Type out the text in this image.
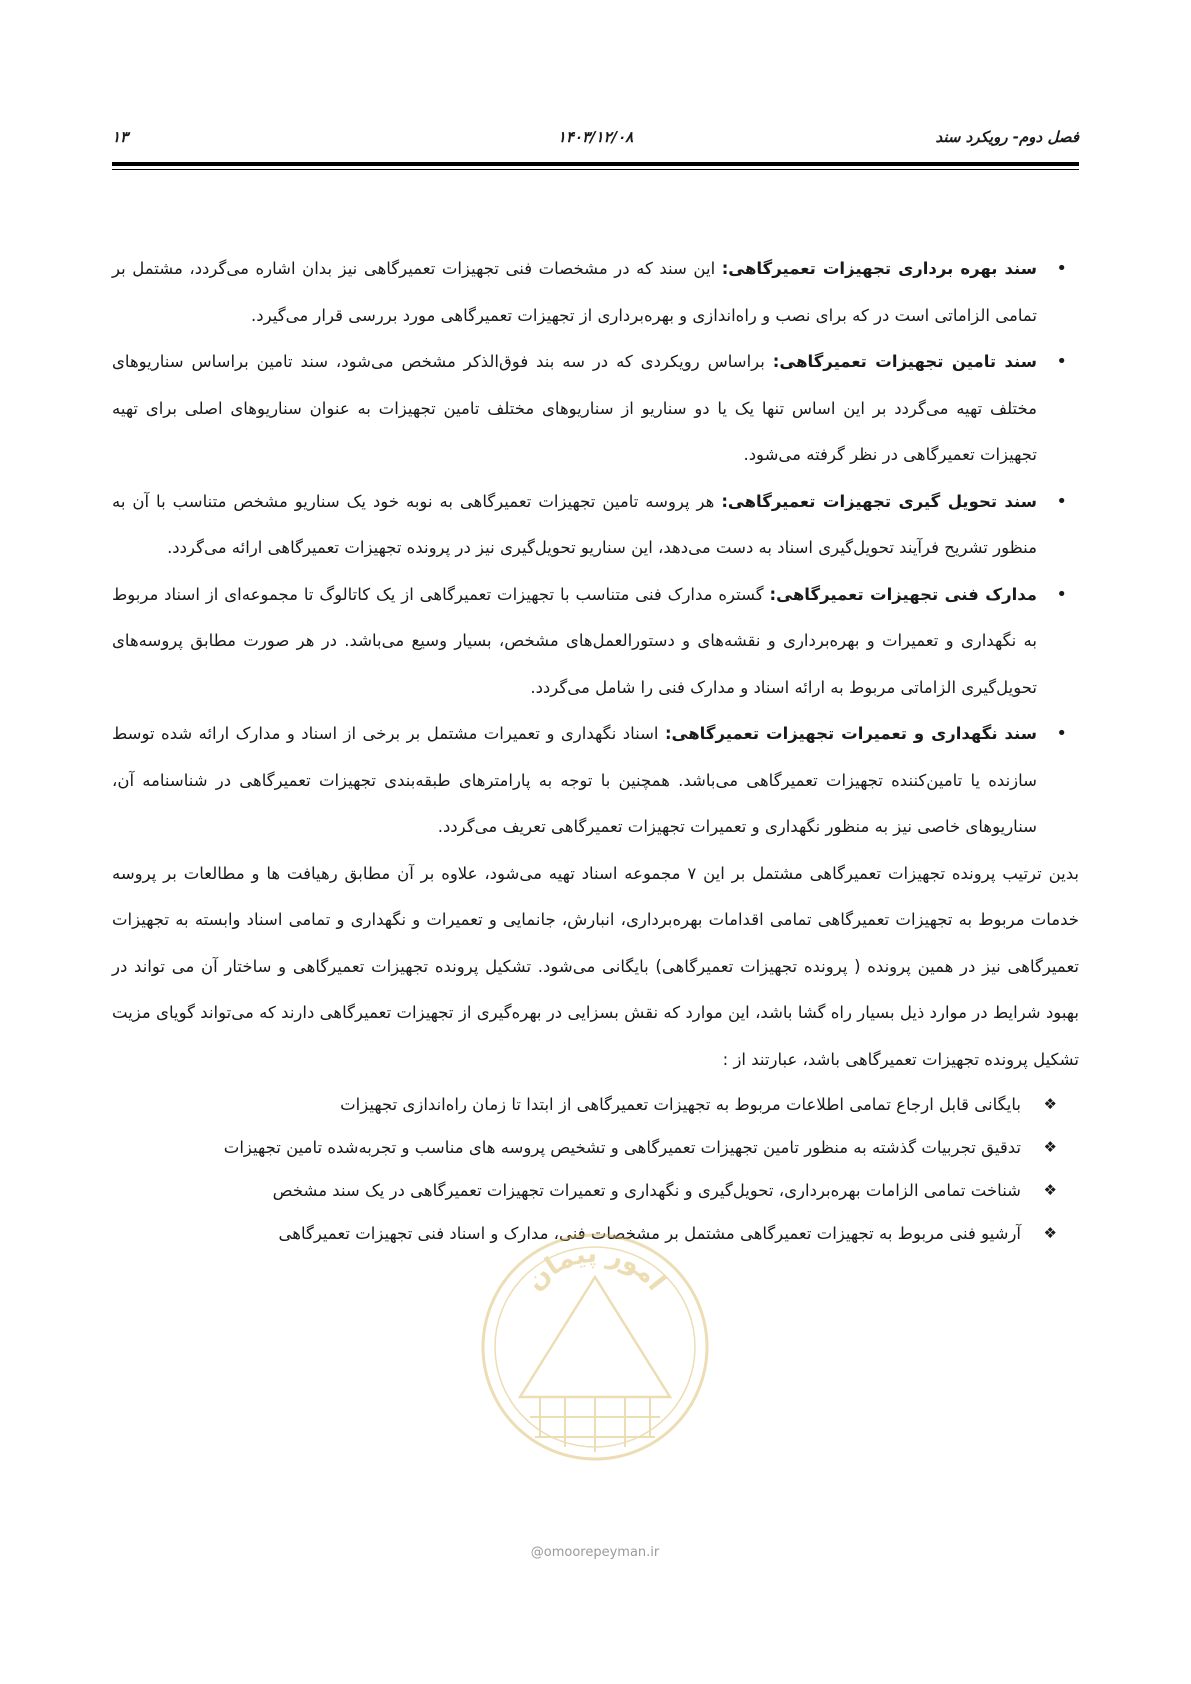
فصل دوم- رویکرد سند
۱۴۰۳/۱۲/۰۸
۱۳
• سند بهره برداری تجهیزات تعمیرگاهی: این سند که در مشخصات فنی تجهیزات تعمیرگاهی نیز بدان اشاره می‌گردد، مشتمل بر تمامی الزاماتی است در که برای نصب و راه‌اندازی و بهره‌برداری از تجهیزات تعمیرگاهی مورد بررسی قرار می‌گیرد.
• سند تامین تجهیزات تعمیرگاهی: براساس رویکردی که در سه بند فوق‌الذکر مشخص می‌شود، سند تامین براساس سناریوهای مختلف تهیه می‌گردد بر این اساس تنها یک یا دو سناریو از سناریوهای مختلف تامین تجهیزات به عنوان سناریوهای اصلی برای تهیه تجهیزات تعمیرگاهی در نظر گرفته می‌شود.
• سند تحویل گیری تجهیزات تعمیرگاهی: هر پروسه تامین تجهیزات تعمیرگاهی به نوبه خود یک سناریو مشخص متناسب با آن به منظور تشریح فرآیند تحویل‌گیری اسناد به دست می‌دهد، این سناریو تحویل‌گیری نیز در پرونده تجهیزات تعمیرگاهی ارائه می‌گردد.
• مدارک فنی تجهیزات تعمیرگاهی: گستره مدارک فنی متناسب با تجهیزات تعمیرگاهی از یک کاتالوگ تا مجموعه‌ای از اسناد مربوط به نگهداری و تعمیرات و بهره‌برداری و نقشه‌های و دستورالعمل‌های مشخص، بسیار وسیع می‌باشد. در هر صورت مطابق پروسه‌های تحویل‌گیری الزاماتی مربوط به ارائه اسناد و مدارک فنی را شامل می‌گردد.
• سند نگهداری و تعمیرات تجهیزات تعمیرگاهی: اسناد نگهداری و تعمیرات مشتمل بر برخی از اسناد و مدارک ارائه شده توسط سازنده یا تامین‌کننده تجهیزات تعمیرگاهی می‌باشد. همچنین با توجه به پارامترهای طبقه‌بندی تجهیزات تعمیرگاهی در شناسنامه آن، سناریوهای خاصی نیز به منظور نگهداری و تعمیرات تجهیزات تعمیرگاهی تعریف می‌گردد.

بدین ترتیب پرونده تجهیزات تعمیرگاهی مشتمل بر این ۷ مجموعه اسناد تهیه می‌شود، علاوه بر آن مطابق رهیافت ها و مطالعات بر پروسه خدمات مربوط به تجهیزات تعمیرگاهی تمامی اقدامات بهره‌برداری، انبارش، جانمایی و تعمیرات و نگهداری و تمامی اسناد وابسته به تجهیزات تعمیرگاهی نیز در همین پرونده ( پرونده تجهیزات تعمیرگاهی) بایگانی می‌شود. تشکیل پرونده تجهیزات تعمیرگاهی و ساختار آن می تواند در بهبود شرایط در موارد ذیل بسیار راه گشا باشد، این موارد که نقش بسزایی در بهره‌گیری از تجهیزات تعمیرگاهی دارند که می‌تواند گویای مزیت تشکیل پرونده تجهیزات تعمیرگاهی باشد، عبارتند از :

❖ بایگانی قابل ارجاع تمامی اطلاعات مربوط به تجهیزات تعمیرگاهی از ابتدا تا زمان راه‌اندازی تجهیزات
❖ تدقیق تجربیات گذشته به منظور تامین تجهیزات تعمیرگاهی و تشخیص پروسه های مناسب و تجربه‌شده تامین تجهیزات
❖ شناخت تمامی الزامات بهره‌برداری، تحویل‌گیری و نگهداری و تعمیرات تجهیزات تعمیرگاهی در یک سند مشخص
❖ آرشیو فنی مربوط به تجهیزات تعمیرگاهی مشتمل بر مشخصات فنی، مدارک و اسناد فنی تجهیزات تعمیرگاهی
امور پیمان
@omoorepeyman.ir
